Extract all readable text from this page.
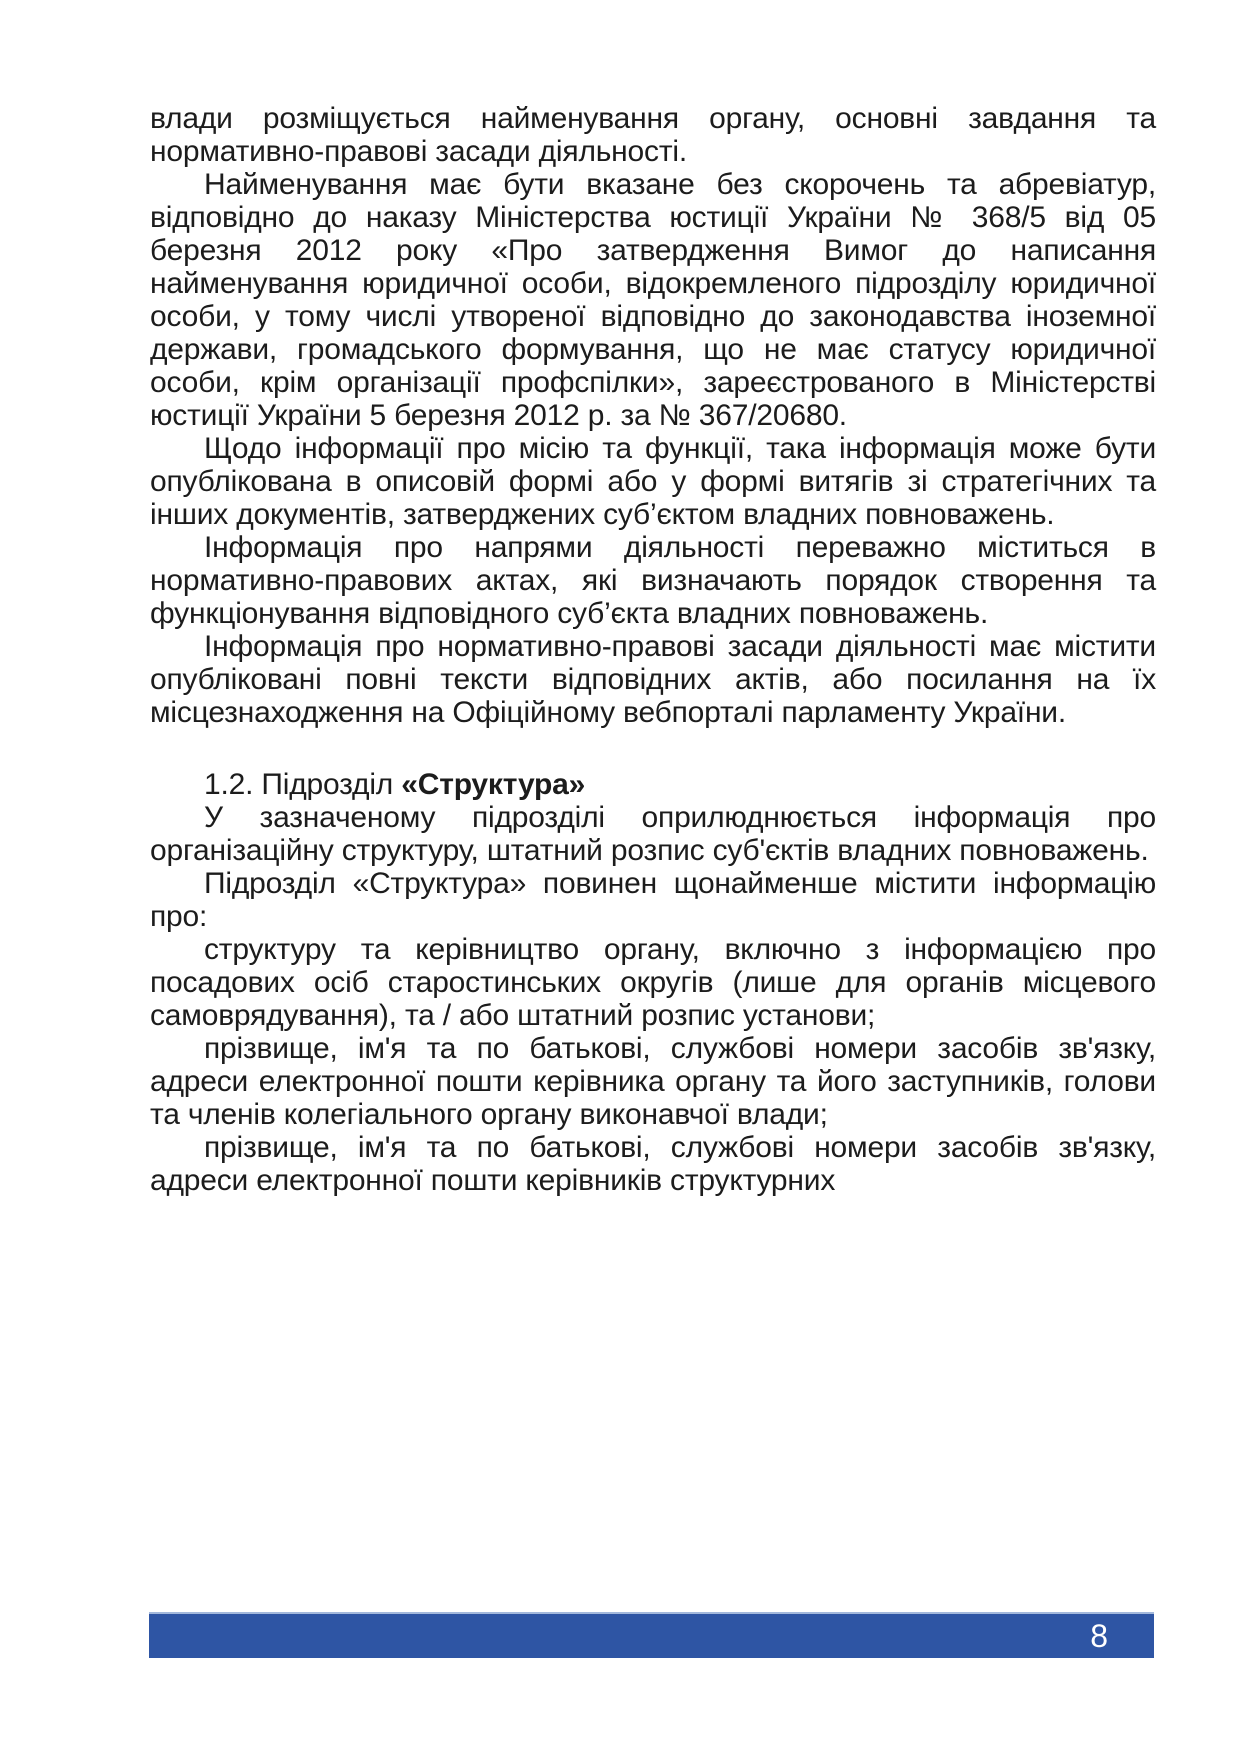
влади розміщується найменування органу, основні завдання та нормативно-правові засади діяльності.

Найменування має бути вказане без скорочень та абревіатур, відповідно до наказу Міністерства юстиції України № 368/5 від 05 березня 2012 року «Про затвердження Вимог до написання найменування юридичної особи, відокремленого підрозділу юридичної особи, у тому числі утвореної відповідно до законодавства іноземної держави, громадського формування, що не має статусу юридичної особи, крім організації профспілки», зареєстрованого в Міністерстві юстиції України 5 березня 2012 р. за № 367/20680.

Щодо інформації про місію та функції, така інформація може бути опублікована в описовій формі або у формі витягів зі стратегічних та інших документів, затверджених суб’єктом владних повноважень.

Інформація про напрями діяльності переважно міститься в нормативно-правових актах, які визначають порядок створення та функціонування відповідного суб’єкта владних повноважень.

Інформація про нормативно-правові засади діяльності має містити опубліковані повні тексти відповідних актів, або посилання на їх місцезнаходження на Офіційному вебпорталі парламенту України.

1.2. Підрозділ «Структура»

У зазначеному підрозділі оприлюднюється інформація про організаційну структуру, штатний розпис суб'єктів владних повноважень.

Підрозділ «Структура» повинен щонайменше містити інформацію про:

структуру та керівництво органу, включно з інформацією про посадових осіб старостинських округів (лише для органів місцевого самоврядування), та / або штатний розпис установи;

прізвище, ім'я та по батькові, службові номери засобів зв'язку, адреси електронної пошти керівника органу та його заступників, голови та членів колегіального органу виконавчої влади;

прізвище, ім'я та по батькові, службові номери засобів зв'язку, адреси електронної пошти керівників структурних

8
